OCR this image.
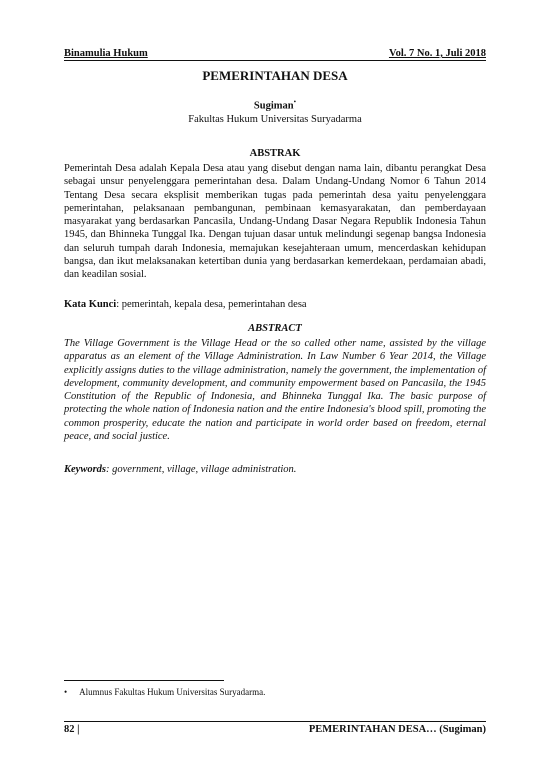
Binamulia Hukum	Vol. 7 No. 1, Juli 2018
PEMERINTAHAN DESA
Sugiman•
Fakultas Hukum Universitas Suryadarma
ABSTRAK

Pemerintah Desa adalah Kepala Desa atau yang disebut dengan nama lain, dibantu perangkat Desa sebagai unsur penyelenggara pemerintahan desa. Dalam Undang-Undang Nomor 6 Tahun 2014 Tentang Desa secara eksplisit memberikan tugas pada pemerintah desa yaitu penyelenggara pemerintahan, pelaksanaan pembangunan, pembinaan kemasyarakatan, dan pemberdayaan masyarakat yang berdasarkan Pancasila, Undang-Undang Dasar Negara Republik Indonesia Tahun 1945, dan Bhinneka Tunggal Ika. Dengan tujuan dasar untuk melindungi segenap bangsa Indonesia dan seluruh tumpah darah Indonesia, memajukan kesejahteraan umum, mencerdaskan kehidupan bangsa, dan ikut melaksanakan ketertiban dunia yang berdasarkan kemerdekaan, perdamaian abadi, dan keadilan sosial.

Kata Kunci: pemerintah, kepala desa, pemerintahan desa
ABSTRACT

The Village Government is the Village Head or the so called other name, assisted by the village apparatus as an element of the Village Administration. In Law Number 6 Year 2014, the Village explicitly assigns duties to the village administration, namely the government, the implementation of development, community development, and community empowerment based on Pancasila, the 1945 Constitution of the Republic of Indonesia, and Bhinneka Tunggal Ika. The basic purpose of protecting the whole nation of Indonesia nation and the entire Indonesia's blood spill, promoting the common prosperity, educate the nation and participate in world order based on freedom, eternal peace, and social justice.

Keywords: government, village, village administration.
• Alumnus Fakultas Hukum Universitas Suryadarma.
82 |	PEMERINTAHAN DESA… (Sugiman)
